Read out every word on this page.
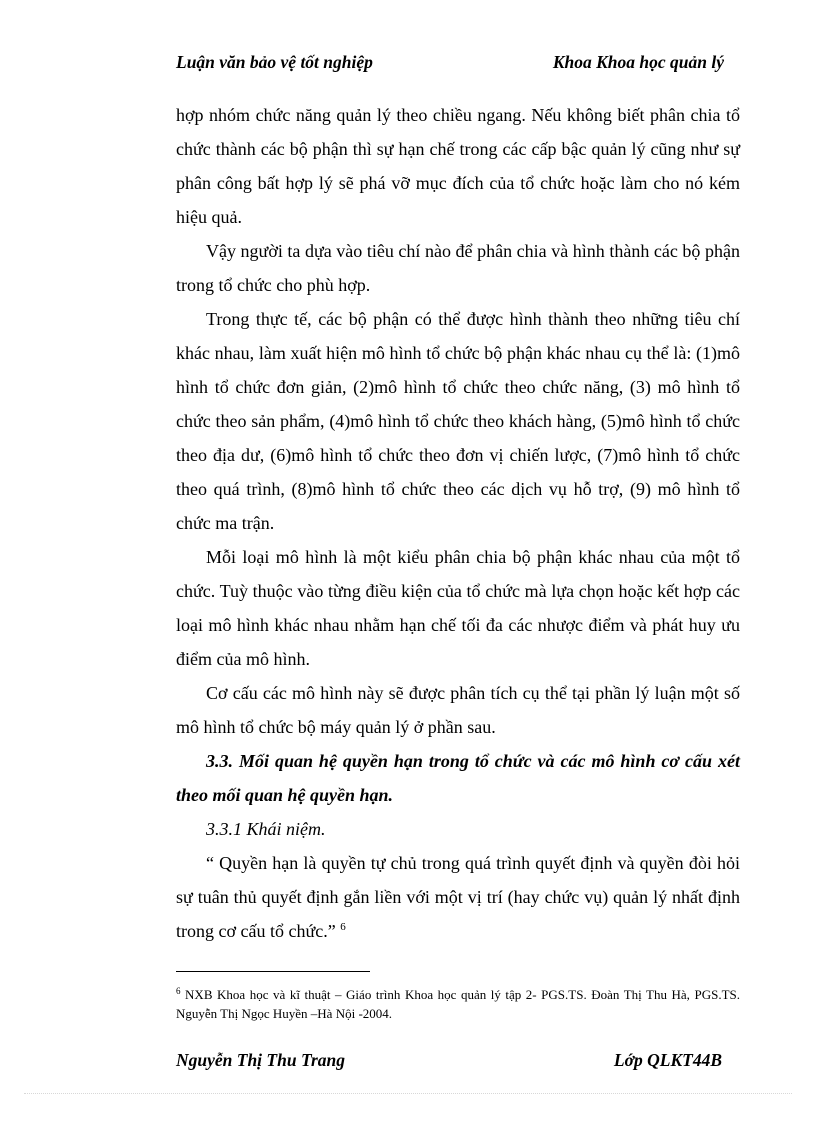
Luận văn bảo vệ tốt nghiệp	Khoa Khoa học quản lý

hợp nhóm chức năng quản lý theo chiều ngang. Nếu không biết phân chia tổ chức thành các bộ phận thì sự hạn chế trong các cấp bậc quản lý cũng như sự phân công bất hợp lý sẽ phá vỡ mục đích của tổ chức hoặc làm cho nó kém hiệu quả.

Vậy người ta dựa vào tiêu chí nào để phân chia và hình thành các bộ phận trong tổ chức cho phù hợp.

Trong thực tế, các bộ phận có thể được hình thành theo những tiêu chí khác nhau, làm xuất hiện mô hình tổ chức bộ phận khác nhau cụ thể là: (1)mô hình tổ chức đơn giản, (2)mô hình tổ chức theo chức năng, (3) mô hình tổ chức theo sản phẩm, (4)mô hình tổ chức theo khách hàng, (5)mô hình tổ chức theo địa dư, (6)mô hình tổ chức theo đơn vị chiến lược, (7)mô hình tổ chức theo quá trình, (8)mô hình tổ chức theo các dịch vụ hỗ trợ, (9) mô hình tổ chức ma trận.

Mỗi loại mô hình là một kiểu phân chia bộ phận khác nhau của một tổ chức. Tuỳ thuộc vào từng điều kiện của tổ chức mà lựa chọn hoặc kết hợp các loại mô hình khác nhau nhằm hạn chế tối đa các nhược điểm và phát huy ưu điểm của mô hình.

Cơ cấu các mô hình này sẽ được phân tích cụ thể tại phần lý luận một số mô hình tổ chức bộ máy quản lý ở phần sau.

3.3. Mối quan hệ quyền hạn trong tổ chức và các mô hình cơ cấu xét theo mối quan hệ quyền hạn.

3.3.1 Khái niệm.

“ Quyền hạn là quyền tự chủ trong quá trình quyết định và quyền đòi hỏi sự tuân thủ quyết định gắn liền với một vị trí (hay chức vụ) quản lý nhất định trong cơ cấu tổ chức.” $^6$

$^6$ NXB Khoa học và kĩ thuật – Giáo trình Khoa học quản lý tập 2- PGS.TS. Đoàn Thị Thu Hà, PGS.TS. Nguyễn Thị Ngọc Huyền –Hà Nội -2004.
Nguyễn Thị Thu Trang	Lớp QLKT44B
